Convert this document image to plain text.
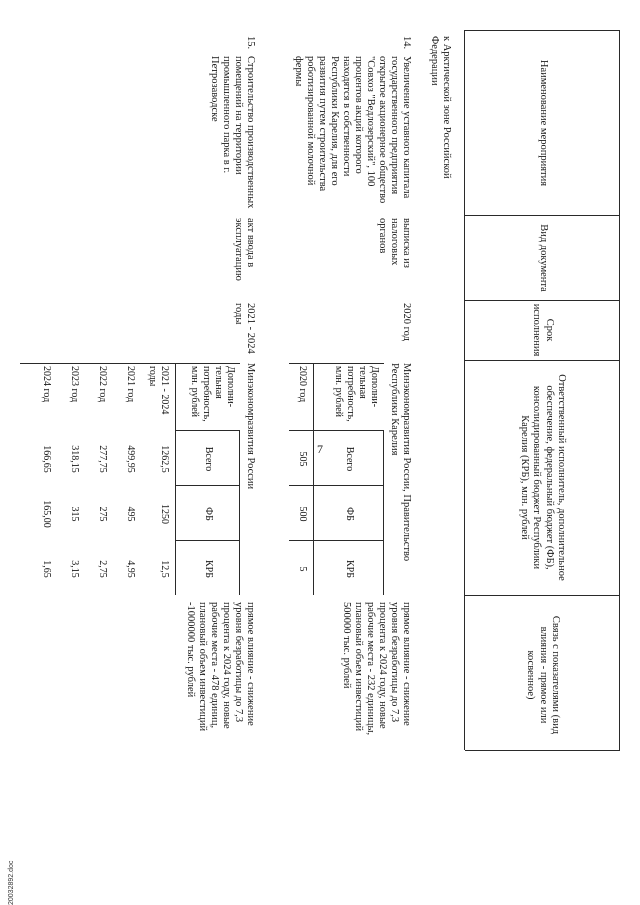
7
Наименование мероприятия
Вид документа
Срок исполнения
Ответственный исполнитель, дополнительное обеспечение, федеральный бюджет (ФБ), консолидированный бюджет Республики Карелия (КРБ), млн. рублей
Связь с показателями (вид влияния - прямое или косвенное)
к Арктической зоне Российской Федерации
14.
Увеличение уставного капитала государственного предприятия открытое акционерное общество "Совхоз "Ведлозерский", 100 процентов акций которого находятся в собственности Республики Карелия, для его развития путем строительства роботизированной молочной фермы
выписка из налоговых органов
2020 год
Минэкономразвития России, Правительство Республики Карелия
прямое влияние - снижение уровня безработицы до 7,3 процента к 2024 году, новые рабочие места - 232 единицы, плановый объем инвестиций 500000 тыс. рублей
Дополни-тельная потребность, млн. рублей
Всего
ФБ
КРБ
2020 год
505
500
5
15.
Строительство производственных помещений на территории промышленного парка в г. Петрозаводске
акт ввода в эксплуатацию
2021 - 2024 годы
Минэкономразвития России
прямое влияние - снижение уровня безработицы до 7,3 процента к 2024 году, новые рабочие места - 478 единиц, плановый объем инвестиций -1000000 тыс. рублей
Дополни-тельная потребность, млн. рублей
Всего
ФБ
КРБ
2021 - 2024 годы
1262,5
1250
12,5
2021 год
499,95
495
4,95
2022 год
277,75
275
2,75
2023 год
318,15
315
3,15
2024 год
166,65
165,00
1,65
20032892.doc
